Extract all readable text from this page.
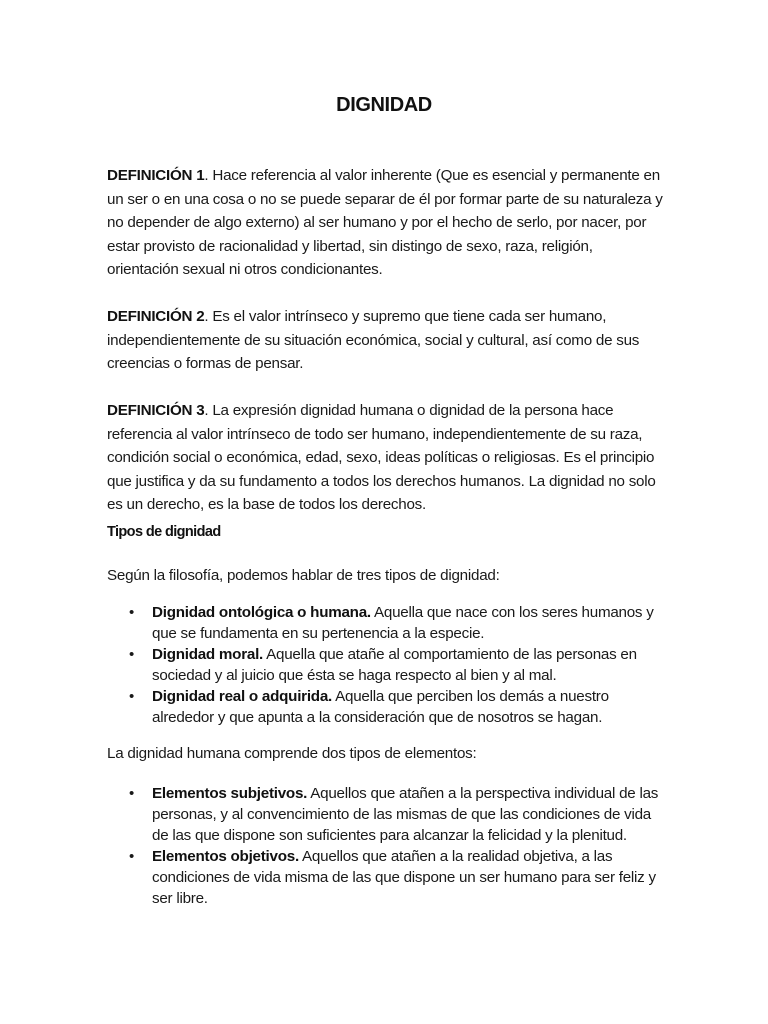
DIGNIDAD

DEFINICIÓN 1. Hace referencia al valor inherente (Que es esencial y permanente en un ser o en una cosa o no se puede separar de él por formar parte de su naturaleza y no depender de algo externo) al ser humano y por el hecho de serlo, por nacer, por estar provisto de racionalidad y libertad, sin distingo de sexo, raza, religión, orientación sexual ni otros condicionantes.

DEFINICIÓN 2. Es el valor intrínseco y supremo que tiene cada ser humano, independientemente de su situación económica, social y cultural, así como de sus creencias o formas de pensar.

DEFINICIÓN 3. La expresión dignidad humana o dignidad de la persona hace referencia al valor intrínseco de todo ser humano, independientemente de su raza, condición social o económica, edad, sexo, ideas políticas o religiosas. Es el principio que justifica y da su fundamento a todos los derechos humanos. La dignidad no solo es un derecho, es la base de todos los derechos.

Tipos de dignidad

Según la filosofía, podemos hablar de tres tipos de dignidad:

• Dignidad ontológica o humana. Aquella que nace con los seres humanos y que se fundamenta en su pertenencia a la especie.
• Dignidad moral. Aquella que atañe al comportamiento de las personas en sociedad y al juicio que ésta se haga respecto al bien y al mal.
• Dignidad real o adquirida. Aquella que perciben los demás a nuestro alrededor y que apunta a la consideración que de nosotros se hagan.

La dignidad humana comprende dos tipos de elementos:

• Elementos subjetivos. Aquellos que atañen a la perspectiva individual de las personas, y al convencimiento de las mismas de que las condiciones de vida de las que dispone son suficientes para alcanzar la felicidad y la plenitud.
• Elementos objetivos. Aquellos que atañen a la realidad objetiva, a las condiciones de vida misma de las que dispone un ser humano para ser feliz y ser libre.
